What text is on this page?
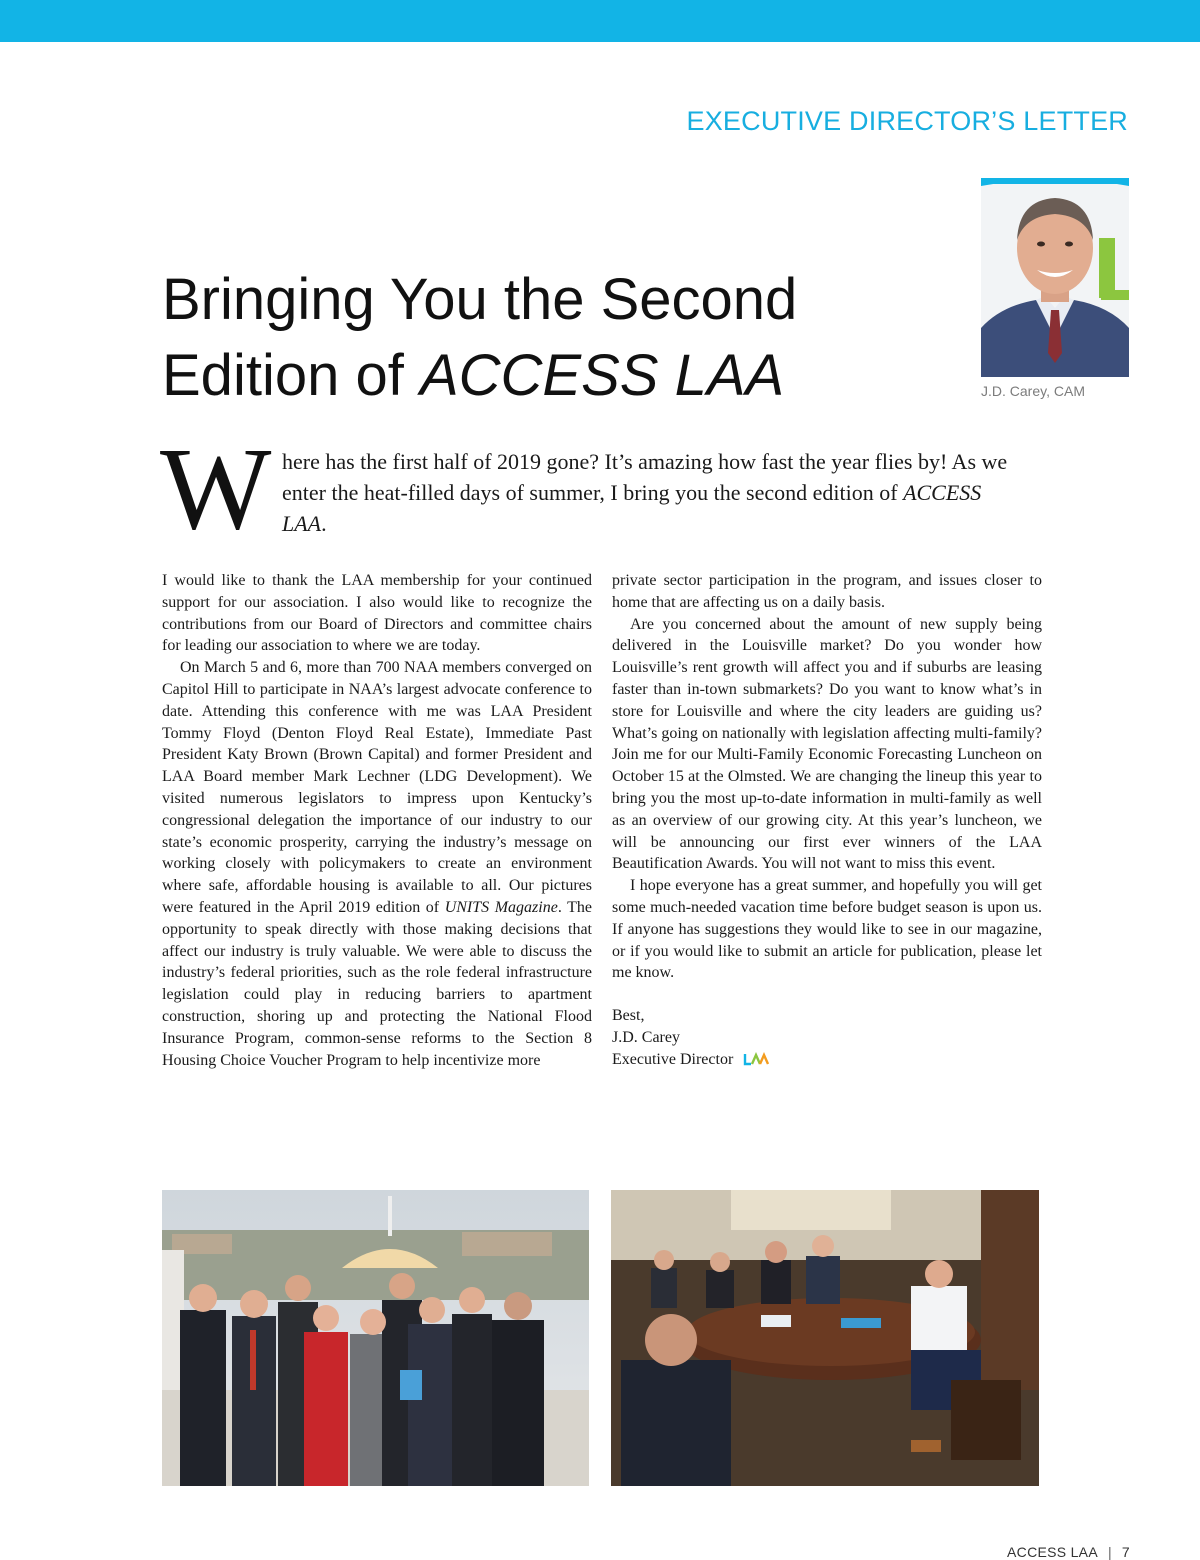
EXECUTIVE DIRECTOR’S LETTER
J.D. Carey, CAM
Bringing You the Second
Edition of ACCESS LAA
W here has the first half of 2019 gone? It’s amazing how fast the year flies by! As we enter the heat-filled days of summer, I bring you the second edition of ACCESS LAA.

I would like to thank the LAA membership for your continued support for our association. I also would like to recognize the contributions from our Board of Directors and committee chairs for leading our association to where we are today.

On March 5 and 6, more than 700 NAA members converged on Capitol Hill to participate in NAA’s largest advocate conference to date. Attending this conference with me was LAA President Tommy Floyd (Denton Floyd Real Estate), Immediate Past President Katy Brown (Brown Capital) and former President and LAA Board member Mark Lechner (LDG Development). We visited numerous legislators to impress upon Kentucky’s congressional delegation the importance of our industry to our state’s economic prosperity, carrying the industry’s message on working closely with policymakers to create an environment where safe, affordable housing is available to all. Our pictures were featured in the April 2019 edition of UNITS Magazine. The opportunity to speak directly with those making decisions that affect our industry is truly valuable. We were able to discuss the industry’s federal priorities, such as the role federal infrastructure legislation could play in reducing barriers to apartment construction, shoring up and protecting the National Flood Insurance Program, common-sense reforms to the Section 8 Housing Choice Voucher Program to help incentivize more

private sector participation in the program, and issues closer to home that are affecting us on a daily basis.

Are you concerned about the amount of new supply being delivered in the Louisville market? Do you wonder how Louisville’s rent growth will affect you and if suburbs are leasing faster than in-town submarkets? Do you want to know what’s in store for Louisville and where the city leaders are guiding us? What’s going on nationally with legislation affecting multi-family? Join me for our Multi-Family Economic Forecasting Luncheon on October 15 at the Olmsted. We are changing the lineup this year to bring you the most up-to-date information in multi-family as well as an overview of our growing city. At this year’s luncheon, we will be announcing our first ever winners of the LAA Beautification Awards. You will not want to miss this event.

I hope everyone has a great summer, and hopefully you will get some much-needed vacation time before budget season is upon us. If anyone has suggestions they would like to see in our magazine, or if you would like to submit an article for publication, please let me know.

Best,
J.D. Carey
Executive Director
ACCESS LAA | 7
